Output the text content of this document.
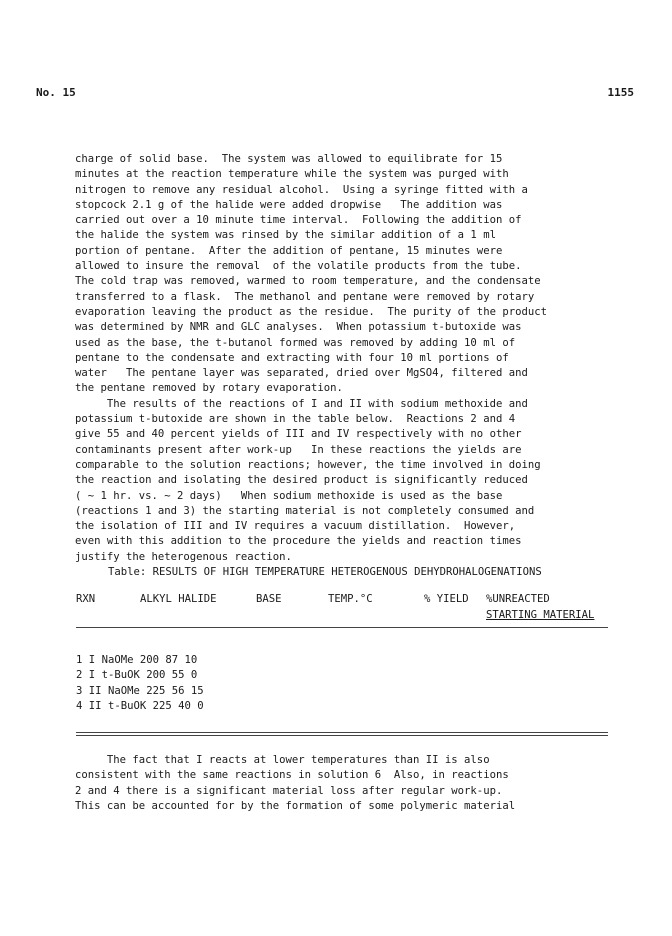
No. 15	1155
charge of solid base.  The system was allowed to equilibrate for 15
minutes at the reaction temperature while the system was purged with
nitrogen to remove any residual alcohol.  Using a syringe fitted with a
stopcock 2.1 g of the halide were added dropwise   The addition was
carried out over a 10 minute time interval.  Following the addition of
the halide the system was rinsed by the similar addition of a 1 ml
portion of pentane.  After the addition of pentane, 15 minutes were
allowed to insure the removal  of the volatile products from the tube.
The cold trap was removed, warmed to room temperature, and the condensate
transferred to a flask.  The methanol and pentane were removed by rotary
evaporation leaving the product as the residue.  The purity of the product
was determined by NMR and GLC analyses.  When potassium t-butoxide was
used as the base, the t-butanol formed was removed by adding 10 ml of
pentane to the condensate and extracting with four 10 ml portions of
water   The pentane layer was separated, dried over MgSO4, filtered and
the pentane removed by rotary evaporation.
The results of the reactions of I and II with sodium methoxide and
potassium t-butoxide are shown in the table below.  Reactions 2 and 4
give 55 and 40 percent yields of III and IV respectively with no other
contaminants present after work-up   In these reactions the yields are
comparable to the solution reactions; however, the time involved in doing
the reaction and isolating the desired product is significantly reduced
( ~ 1 hr. vs. ~ 2 days)   When sodium methoxide is used as the base
(reactions 1 and 3) the starting material is not completely consumed and
the isolation of III and IV requires a vacuum distillation.  However,
even with this addition to the procedure the yields and reaction times
justify the heterogenous reaction.
Table: RESULTS OF HIGH TEMPERATURE HETEROGENOUS DEHYDROHALOGENATIONS
RXN	ALKYL HALIDE	BASE	TEMP.°C	% YIELD	%UNREACTED
STARTING MATERIAL
1 I NaOMe 200 87 10
2 I t-BuOK 200 55 0
3 II NaOMe 225 56 15
4 II t-BuOK 225 40 0
The fact that I reacts at lower temperatures than II is also
consistent with the same reactions in solution 6  Also, in reactions
2 and 4 there is a significant material loss after regular work-up.
This can be accounted for by the formation of some polymeric material
